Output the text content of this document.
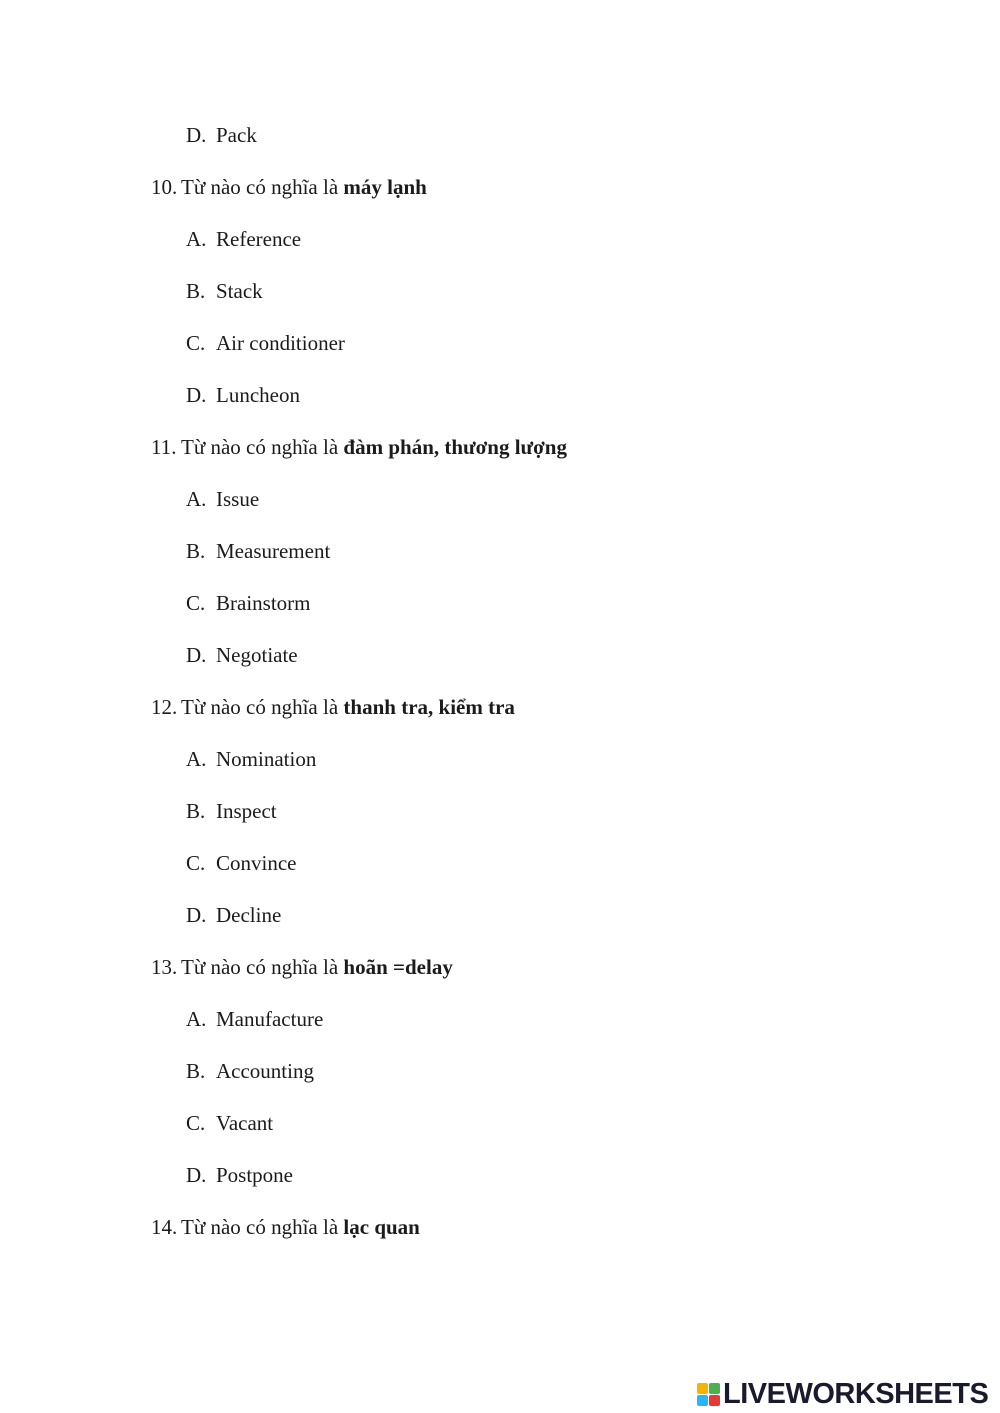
D. Pack
10. Từ nào có nghĩa là máy lạnh
A. Reference
B. Stack
C. Air conditioner
D. Luncheon
11. Từ nào có nghĩa là đàm phán, thương lượng
A. Issue
B. Measurement
C. Brainstorm
D. Negotiate
12. Từ nào có nghĩa là thanh tra, kiểm tra
A. Nomination
B. Inspect
C. Convince
D. Decline
13. Từ nào có nghĩa là hoãn =delay
A. Manufacture
B. Accounting
C. Vacant
D. Postpone
14. Từ nào có nghĩa là lạc quan
LIVEWORKSHEETS
